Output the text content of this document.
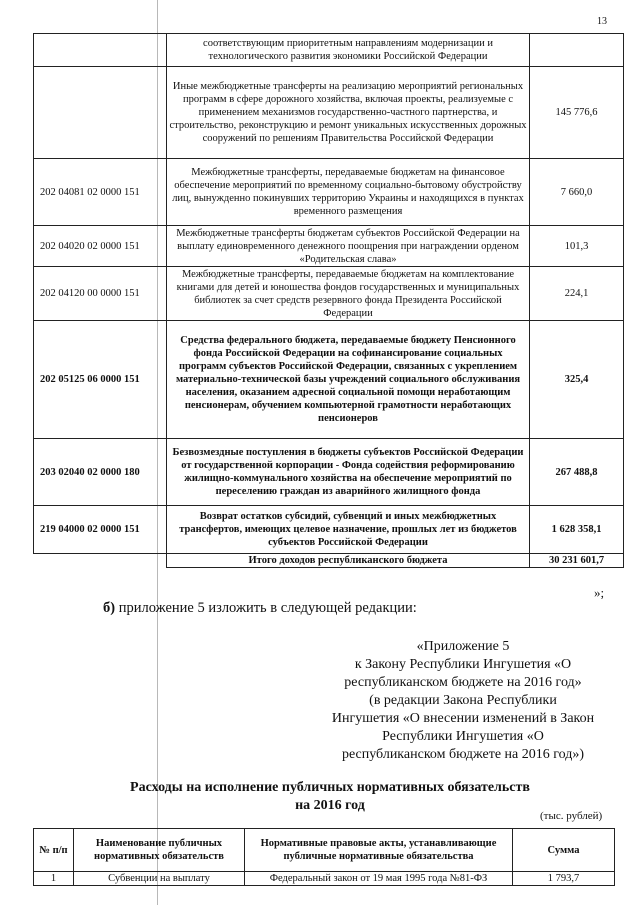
13
	соответствующим приоритетным направлениям модернизации и технологического развития экономики Российской Федерации	
	Иные межбюджетные трансферты на реализацию мероприятий региональных программ в сфере дорожного хозяйства, включая проекты, реализуемые с применением механизмов государственно-частного партнерства, и строительство, реконструкцию и ремонт уникальных искусственных дорожных сооружений по решениям Правительства Российской Федерации	145 776,6
202 04081 02 0000 151	Межбюджетные трансферты, передаваемые бюджетам на финансовое обеспечение мероприятий по временному социально-бытовому обустройству лиц, вынужденно покинувших территорию Украины и находящихся в пунктах временного размещения	7 660,0
202 04020 02 0000 151	Межбюджетные трансферты бюджетам субъектов Российской Федерации на выплату единовременного денежного поощрения при награждении орденом «Родительская слава»	101,3
202 04120 00 0000 151	Межбюджетные трансферты, передаваемые бюджетам на комплектование книгами для детей и юношества фондов государственных и муниципальных библиотек за счет средств резервного фонда Президента Российской Федерации	224,1
202 05125 06 0000 151	Средства федерального бюджета, передаваемые бюджету Пенсионного фонда Российской Федерации на софинансирование социальных программ субъектов Российской Федерации, связанных с укреплением материально-технической базы учреждений социального обслуживания населения, оказанием адресной социальной помощи неработающим пенсионерам, обучением компьютерной грамотности неработающих пенсионеров	325,4
203 02040 02 0000 180	Безвозмездные поступления в бюджеты субъектов Российской Федерации от государственной корпорации - Фонда содействия реформированию жилищно-коммунального хозяйства на обеспечение мероприятий по переселению граждан из аварийного жилищного фонда	267 488,8
219 04000 02 0000 151	Возврат остатков субсидий, субвенций и иных межбюджетных трансфертов, имеющих целевое назначение, прошлых лет из бюджетов субъектов Российской Федерации	1 628 358,1
	Итого доходов республиканского бюджета	30 231 601,7
»;
б) приложение 5 изложить в следующей редакции:
«Приложение 5
к Закону Республики Ингушетия «О
республиканском бюджете на 2016 год»
(в редакции Закона Республики
Ингушетия «О внесении изменений в Закон
Республики Ингушетия «О
республиканском бюджете на 2016 год»)
Расходы на исполнение публичных нормативных обязательств
на 2016 год
(тыс. рублей)
№ п/п	Наименование публичных нормативных обязательств	Нормативные правовые акты, устанавливающие публичные нормативные обязательства	Сумма
1	Субвенции на выплату	Федеральный закон от 19 мая 1995 года №81-ФЗ	1 793,7
